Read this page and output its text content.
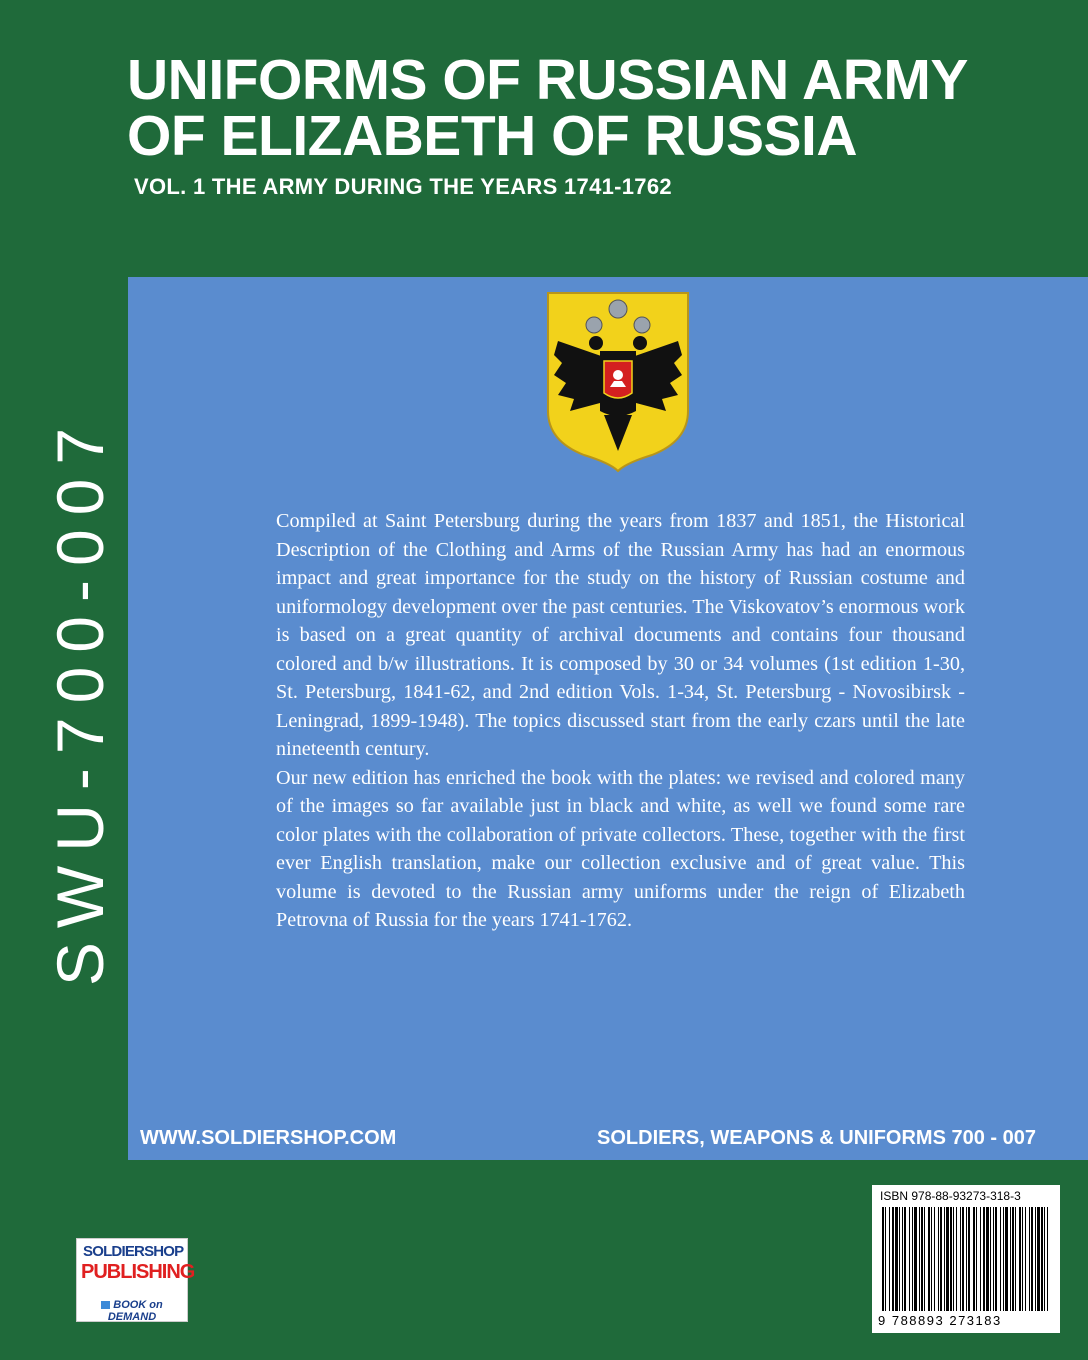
UNIFORMS OF RUSSIAN ARMY
OF ELIZABETH OF RUSSIA
VOL. 1 THE ARMY DURING THE YEARS 1741-1762
SWU-700-007	Compiled at Saint Petersburg during the years from 1837 and 1851, the Historical Description of the Clothing and Arms of the Russian Army has had an enormous impact and great importance for the study on the history of Russian costume and uniformology development over the past centuries. The Viskovatov’s enormous work is based on a great quantity of archival documents and contains four thousand colored and b/w illustrations. It is composed by 30 or 34 volumes (1st edition 1-30, St. Petersburg, 1841-62, and 2nd edition Vols. 1-34, St. Petersburg - Novosibirsk - Leningrad, 1899-1948). The topics discussed start from the early czars until the late nineteenth century.

Our new edition has enriched the book with the plates: we revised and colored many of the images so far available just in black and white, as well we found some rare color plates with the collaboration of private collectors. These, together with the first ever English translation, make our collection exclusive and of great value. This volume is devoted to the Russian army uniforms under the reign of Elizabeth Petrovna of Russia for the years 1741-1762.

WWW.SOLDIERSHOP.COM	SOLDIERS, WEAPONS & UNIFORMS 700 - 007
SOLDIERSHOP
PUBLISHING
BOOK on DEMAND
ISBN 978-88-93273-318-3
9 788893 273183
